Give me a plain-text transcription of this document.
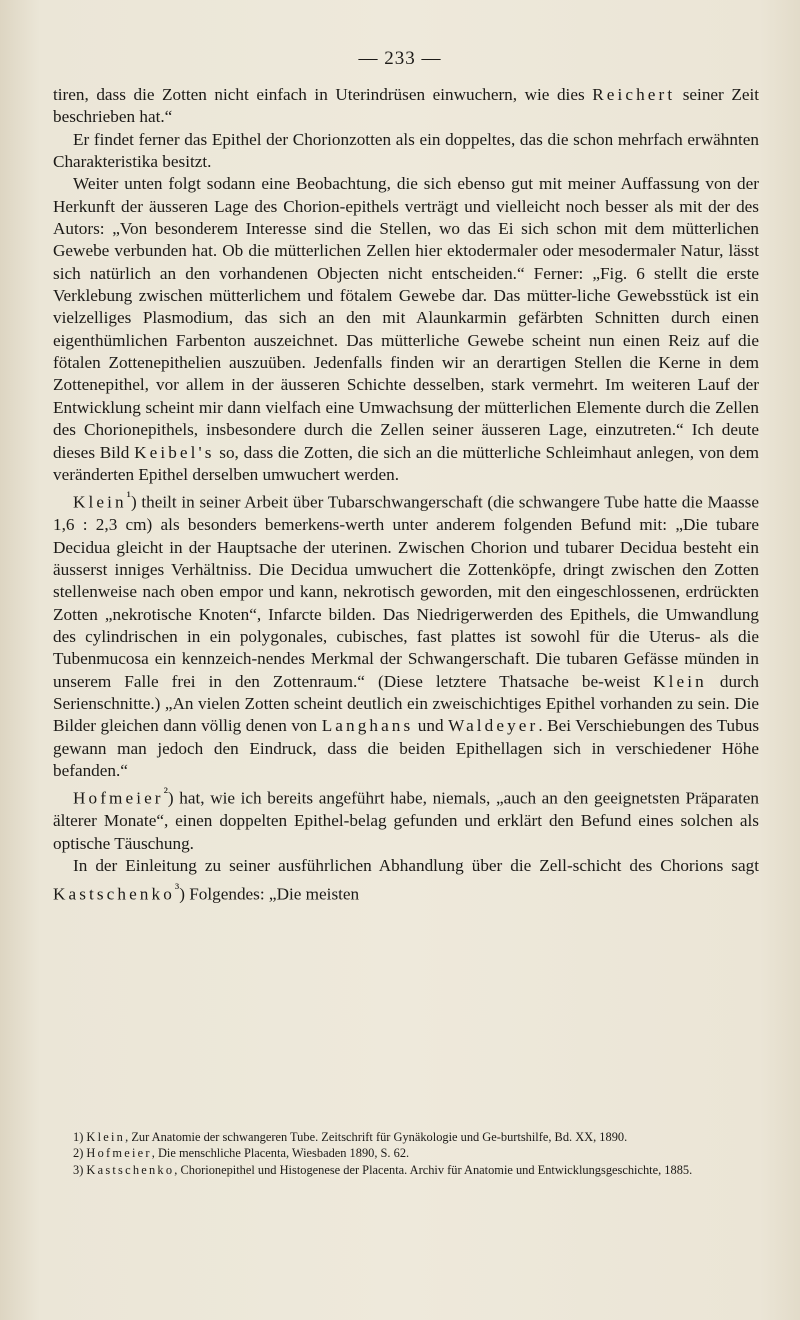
— 233 —

tiren, dass die Zotten nicht einfach in Uterindrüsen einwuchern, wie dies Reichert seiner Zeit beschrieben hat.“

Er findet ferner das Epithel der Chorionzotten als ein doppeltes, das die schon mehrfach erwähnten Charakteristika besitzt.

Weiter unten folgt sodann eine Beobachtung, die sich ebenso gut mit meiner Auffassung von der Herkunft der äusseren Lage des Chorion-epithels verträgt und vielleicht noch besser als mit der des Autors: „Von besonderem Interesse sind die Stellen, wo das Ei sich schon mit dem mütterlichen Gewebe verbunden hat. Ob die mütterlichen Zellen hier ektodermaler oder mesodermaler Natur, lässt sich natürlich an den vorhandenen Objecten nicht entscheiden.“ Ferner: „Fig. 6 stellt die erste Verklebung zwischen mütterlichem und fötalem Gewebe dar. Das mütter-liche Gewebsstück ist ein vielzelliges Plasmodium, das sich an den mit Alaunkarmin gefärbten Schnitten durch einen eigenthümlichen Farbenton auszeichnet. Das mütterliche Gewebe scheint nun einen Reiz auf die fötalen Zottenepithelien auszuüben. Jedenfalls finden wir an derartigen Stellen die Kerne in dem Zottenepithel, vor allem in der äusseren Schichte desselben, stark vermehrt. Im weiteren Lauf der Entwicklung scheint mir dann vielfach eine Umwachsung der mütterlichen Elemente durch die Zellen des Chorionepithels, insbesondere durch die Zellen seiner äusseren Lage, einzutreten.“ Ich deute dieses Bild Keibel's so, dass die Zotten, die sich an die mütterliche Schleimhaut anlegen, von dem veränderten Epithel derselben umwuchert werden.

Klein$^{^1}$) theilt in seiner Arbeit über Tubarschwangerschaft (die schwangere Tube hatte die Maasse 1,6 : 2,3 cm) als besonders bemerkens-werth unter anderem folgenden Befund mit: „Die tubare Decidua gleicht in der Hauptsache der uterinen. Zwischen Chorion und tubarer Decidua besteht ein äusserst inniges Verhältniss. Die Decidua umwuchert die Zottenköpfe, dringt zwischen den Zotten stellenweise nach oben empor und kann, nekrotisch geworden, mit den eingeschlossenen, erdrückten Zotten „nekrotische Knoten“, Infarcte bilden. Das Niedrigerwerden des Epithels, die Umwandlung des cylindrischen in ein polygonales, cubisches, fast plattes ist sowohl für die Uterus- als die Tubenmucosa ein kennzeich-nendes Merkmal der Schwangerschaft. Die tubaren Gefässe münden in unserem Falle frei in den Zottenraum.“ (Diese letztere Thatsache be-weist Klein durch Serienschnitte.) „An vielen Zotten scheint deutlich ein zweischichtiges Epithel vorhanden zu sein. Die Bilder gleichen dann völlig denen von Langhans und Waldeyer. Bei Verschiebungen des Tubus gewann man jedoch den Eindruck, dass die beiden Epithellagen sich in verschiedener Höhe befanden.“

Hofmeier$^{^2}$) hat, wie ich bereits angeführt habe, niemals, „auch an den geeignetsten Präparaten älterer Monate“, einen doppelten Epithel-belag gefunden und erklärt den Befund eines solchen als optische Täuschung.

In der Einleitung zu seiner ausführlichen Abhandlung über die Zell-schicht des Chorions sagt Kastschenko$^{^3}$) Folgendes: „Die meisten

1) Klein, Zur Anatomie der schwangeren Tube. Zeitschrift für Gynäkologie und Ge-burtshilfe, Bd. XX, 1890.

2) Hofmeier, Die menschliche Placenta, Wiesbaden 1890, S. 62.

3) Kastschenko, Chorionepithel und Histogenese der Placenta. Archiv für Anatomie und Entwicklungsgeschichte, 1885.
